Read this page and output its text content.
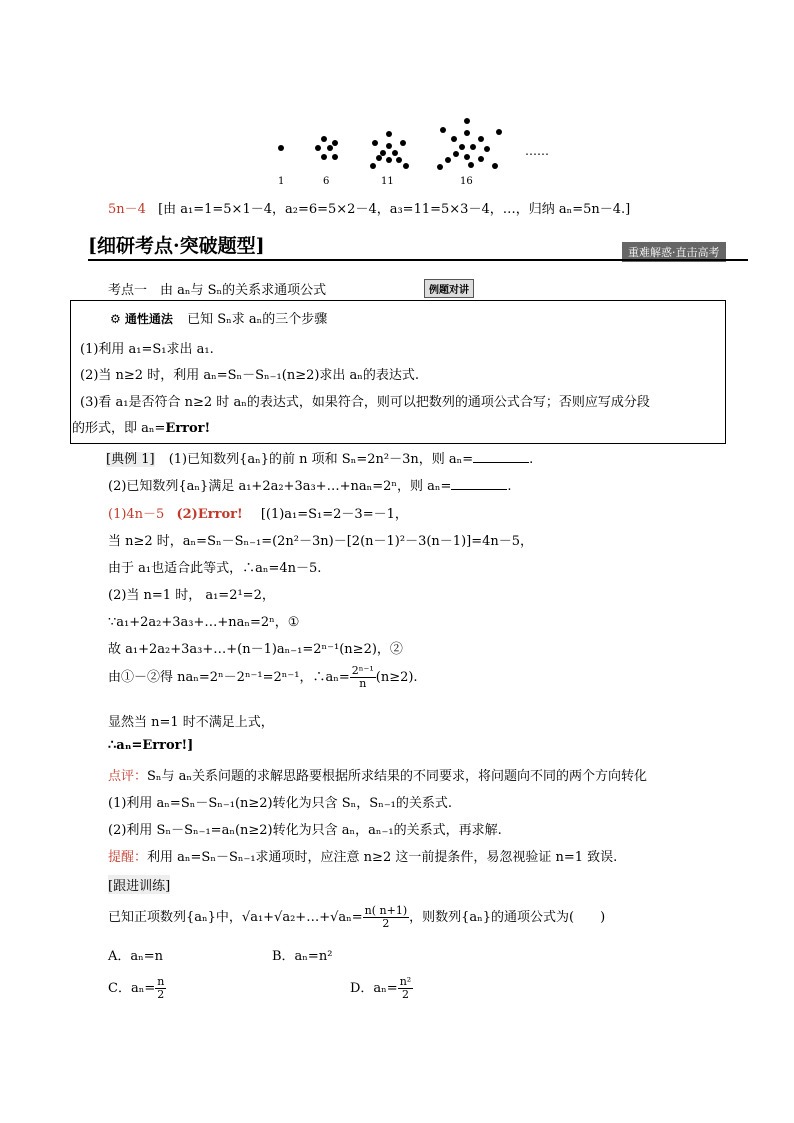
1	6	11	16
……
5n－4 [由 a₁=1=5×1－4，a₂=6=5×2－4，a₃=11=5×3－4，…，归纳 aₙ=5n－4.]
[细研考点·突破题型]	重难解惑·直击高考
考点一　由 aₙ与 Sₙ的关系求通项公式	例题对讲
⚙ 通性通法 已知 Sₙ求 aₙ的三个步骤
(1)利用 a₁=S₁求出 a₁.
(2)当 n≥2 时，利用 aₙ=Sₙ－Sₙ₋₁(n≥2)求出 aₙ的表达式.
(3)看 a₁是否符合 n≥2 时 aₙ的表达式，如果符合，则可以把数列的通项公式合写；否则应写成分段
的形式，即 aₙ=Error!
[典例 1] (1)已知数列{aₙ}的前 n 项和 Sₙ=2n²－3n，则 aₙ=	.
(2)已知数列{aₙ}满足 a₁+2a₂+3a₃+…+naₙ=2ⁿ，则 aₙ=	.
(1)4n－5 (2)Error! [(1)a₁=S₁=2－3=－1，
当 n≥2 时，aₙ=Sₙ－Sₙ₋₁=(2n²－3n)－[2(n－1)²－3(n－1)]=4n－5，
由于 a₁也适合此等式，∴aₙ=4n－5.
(2)当 n=1 时， a₁=2¹=2，
∵a₁+2a₂+3a₃+…+naₙ=2ⁿ，①
故 a₁+2a₂+3a₃+…+(n－1)aₙ₋₁=2ⁿ⁻¹(n≥2)，②
由①－②得 naₙ=2ⁿ－2ⁿ⁻¹=2ⁿ⁻¹，∴aₙ= $\frac{\text{2ⁿ⁻¹}}{n} (n\ge 2)$.
显然当 n=1 时不满足上式，
∴aₙ=Error!]
点评：Sₙ与 aₙ关系问题的求解思路要根据所求结果的不同要求，将问题向不同的两个方向转化
(1)利用 aₙ=Sₙ－Sₙ₋₁(n≥2)转化为只含 Sₙ，Sₙ₋₁的关系式.
(2)利用 Sₙ－Sₙ₋₁=aₙ(n≥2)转化为只含 aₙ，aₙ₋₁的关系式，再求解.
提醒：利用 aₙ=Sₙ－Sₙ₋₁求通项时，应注意 n≥2 这一前提条件，易忽视验证 n=1 致误.
[跟进训练]
已知正项数列{aₙ}中，√a₁+√a₂+…+√aₙ= $\frac{n( n+1)}{2}$ ，则数列{aₙ}的通项公式为(　　)
A．aₙ=n	B．aₙ=n²
C．$a_n= \frac{n}{2}$	D．$a_n= \frac{\text{n²}}{2}$
